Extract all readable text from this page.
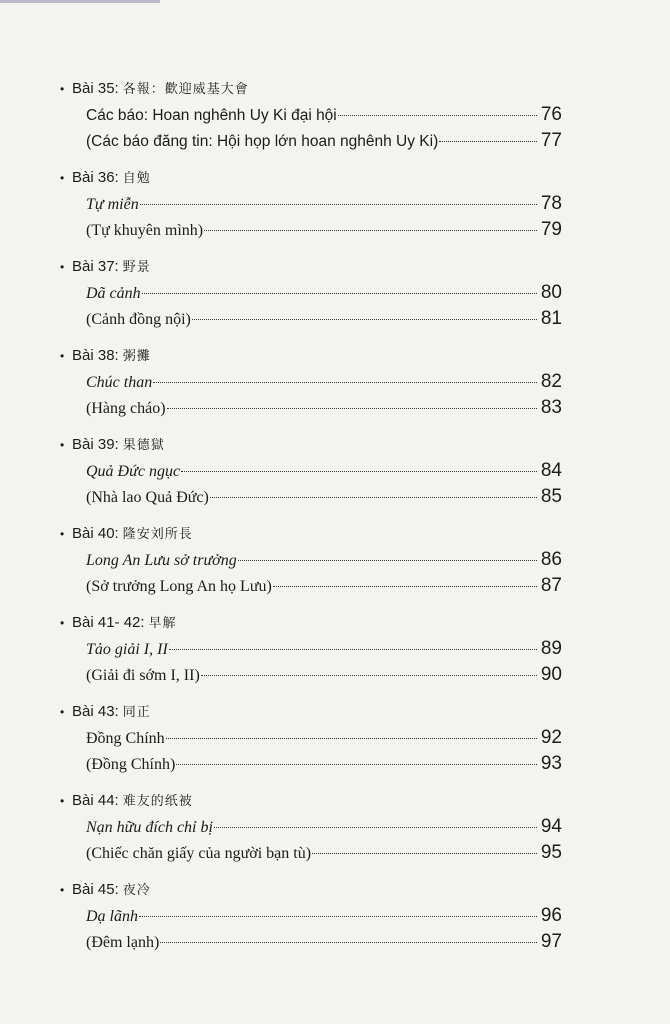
• Bài 35: 各報：歡迎威基大會
Các báo: Hoan nghênh Uy Ki đại hội	76
(Các báo đăng tin: Hội họp lớn hoan nghênh Uy Ki)	77
• Bài 36: 自勉
Tự miễn	78
(Tự khuyên mình)	79
• Bài 37: 野景
Dã cảnh	80
(Cảnh đồng nội)	81
• Bài 38: 粥攤
Chúc than	82
(Hàng cháo)	83
• Bài 39: 果德獄
Quả Đức ngục	84
(Nhà lao Quả Đức)	85
• Bài 40: 隆安刘所長
Long An Lưu sở trưởng	86
(Sở trưởng Long An họ Lưu)	87
• Bài 41- 42: 早解
Tảo giải I, II	89
(Giải đi sớm I, II)	90
• Bài 43: 同正
Đồng Chính	92
(Đồng Chính)	93
• Bài 44: 难友的纸被
Nạn hữu đích chỉ bị	94
(Chiếc chăn giấy của người bạn tù)	95
• Bài 45: 夜冷
Dạ lãnh	96
(Đêm lạnh)	97
